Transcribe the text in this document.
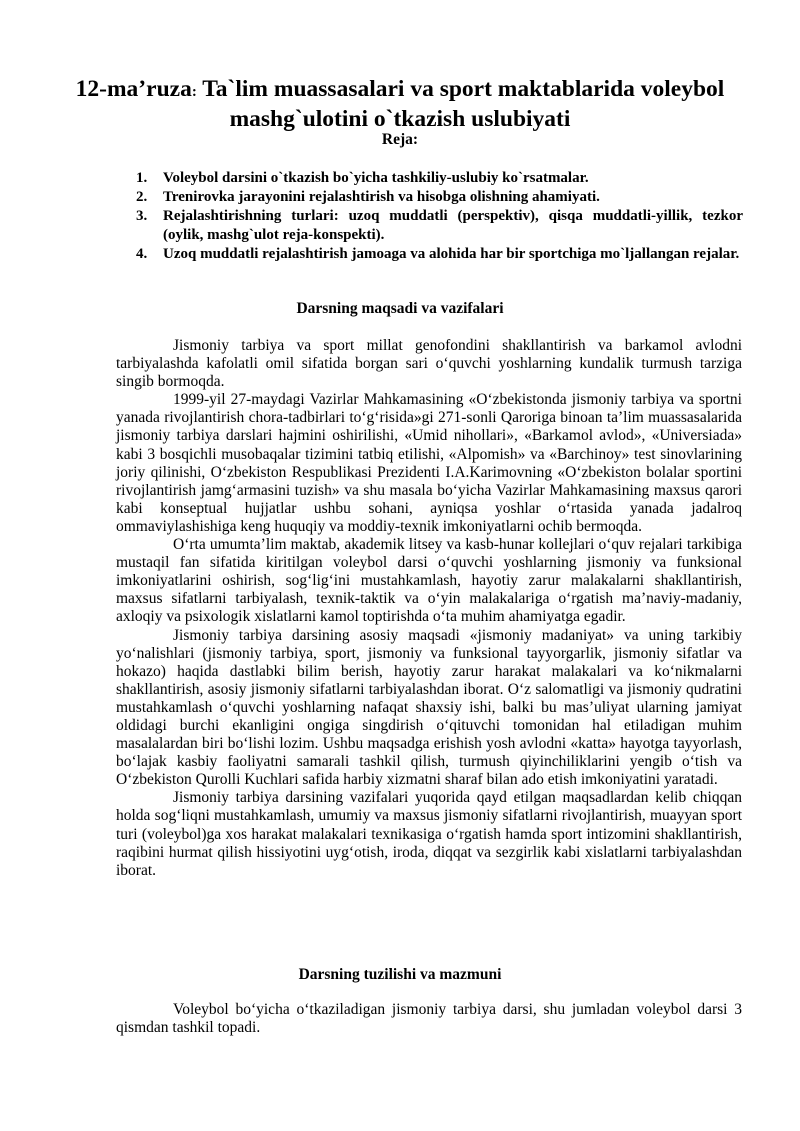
12-ma’ruza: Ta`lim muassasalari va sport maktablarida voleybol mashg`ulotini o`tkazish uslubiyati
Reja:
1. Voleybol darsini o`tkazish bo`yicha tashkiliy-uslubiy ko`rsatmalar.
2. Trenirovka jarayonini rejalashtirish va hisobga olishning ahamiyati.
3. Rejalashtirishning turlari: uzoq muddatli (perspektiv), qisqa muddatli-yillik, tezkor (oylik, mashg`ulot reja-konspekti).
4. Uzoq muddatli rejalashtirish jamoaga va alohida har bir sportchiga mo`ljallangan rejalar.
Darsning maqsadi va vazifalari

Jismoniy tarbiya va sport millat genofondini shakllantirish va barkamol avlodni tarbiyalashda kafolatli omil sifatida borgan sari o‘quvchi yoshlarning kundalik turmush tarziga singib bormoqda.

1999-yil 27-maydagi Vazirlar Mahkamasining «O‘zbekistonda jismoniy tarbiya va sportni yanada rivojlantirish chora-tadbirlari to‘g‘risida»gi 271-sonli Qaroriga binoan ta’lim muassasalarida jismoniy tarbiya darslari hajmini oshirilishi, «Umid nihollari», «Barkamol avlod», «Universiada» kabi 3 bosqichli musobaqalar tizimini tatbiq etilishi, «Alpomish» va «Barchinoy» test sinovlarining joriy qilinishi, O‘zbekiston Respublikasi Prezidenti I.A.Karimovning «O‘zbekiston bolalar sportini rivojlantirish jamg‘armasini tuzish» va shu masala bo‘yicha Vazirlar Mahkamasining maxsus qarori kabi konseptual hujjatlar ushbu sohani, ayniqsa yoshlar o‘rtasida yanada jadalroq ommaviylashishiga keng huquqiy va moddiy-texnik imkoniyatlarni ochib bermoqda.

O‘rta umumta’lim maktab, akademik litsey va kasb-hunar kollejlari o‘quv rejalari tarkibiga mustaqil fan sifatida kiritilgan voleybol darsi o‘quvchi yoshlarning jismoniy va funksional imkoniyatlarini oshirish, sog‘lig‘ini mustahkamlash, hayotiy zarur malakalarni shakllantirish, maxsus sifatlarni tarbiyalash, texnik-taktik va o‘yin malakalariga o‘rgatish ma’naviy-madaniy, axloqiy va psixologik xislatlarni kamol toptirishda o‘ta muhim ahamiyatga egadir.

Jismoniy tarbiya darsining asosiy maqsadi «jismoniy madaniyat» va uning tarkibiy yo‘nalishlari (jismoniy tarbiya, sport, jismoniy va funksional tayyorgarlik, jismoniy sifatlar va hokazo) haqida dastlabki bilim berish, hayotiy zarur harakat malakalari va ko‘nikmalarni shakllantirish, asosiy jismoniy sifatlarni tarbiyalashdan iborat. O‘z salomatligi va jismoniy qudratini mustahkamlash o‘quvchi yoshlarning nafaqat shaxsiy ishi, balki bu mas’uliyat ularning jamiyat oldidagi burchi ekanligini ongiga singdirish o‘qituvchi tomonidan hal etiladigan muhim masalalardan biri bo‘lishi lozim. Ushbu maqsadga erishish yosh avlodni «katta» hayotga tayyorlash, bo‘lajak kasbiy faoliyatni samarali tashkil qilish, turmush qiyinchiliklarini yengib o‘tish va O‘zbekiston Qurolli Kuchlari safida harbiy xizmatni sharaf bilan ado etish imkoniyatini yaratadi.

Jismoniy tarbiya darsining vazifalari yuqorida qayd etilgan maqsadlardan kelib chiqqan holda sog‘liqni mustahkamlash, umumiy va maxsus jismoniy sifatlarni rivojlantirish, muayyan sport turi (voleybol)ga xos harakat malakalari texnikasiga o‘rgatish hamda sport intizomini shakllantirish, raqibini hurmat qilish hissiyotini uyg‘otish, iroda, diqqat va sezgirlik kabi xislatlarni tarbiyalashdan iborat.

Darsning tuzilishi va mazmuni

Voleybol bo‘yicha o‘tkaziladigan jismoniy tarbiya darsi, shu jumladan voleybol darsi 3 qismdan tashkil topadi.
